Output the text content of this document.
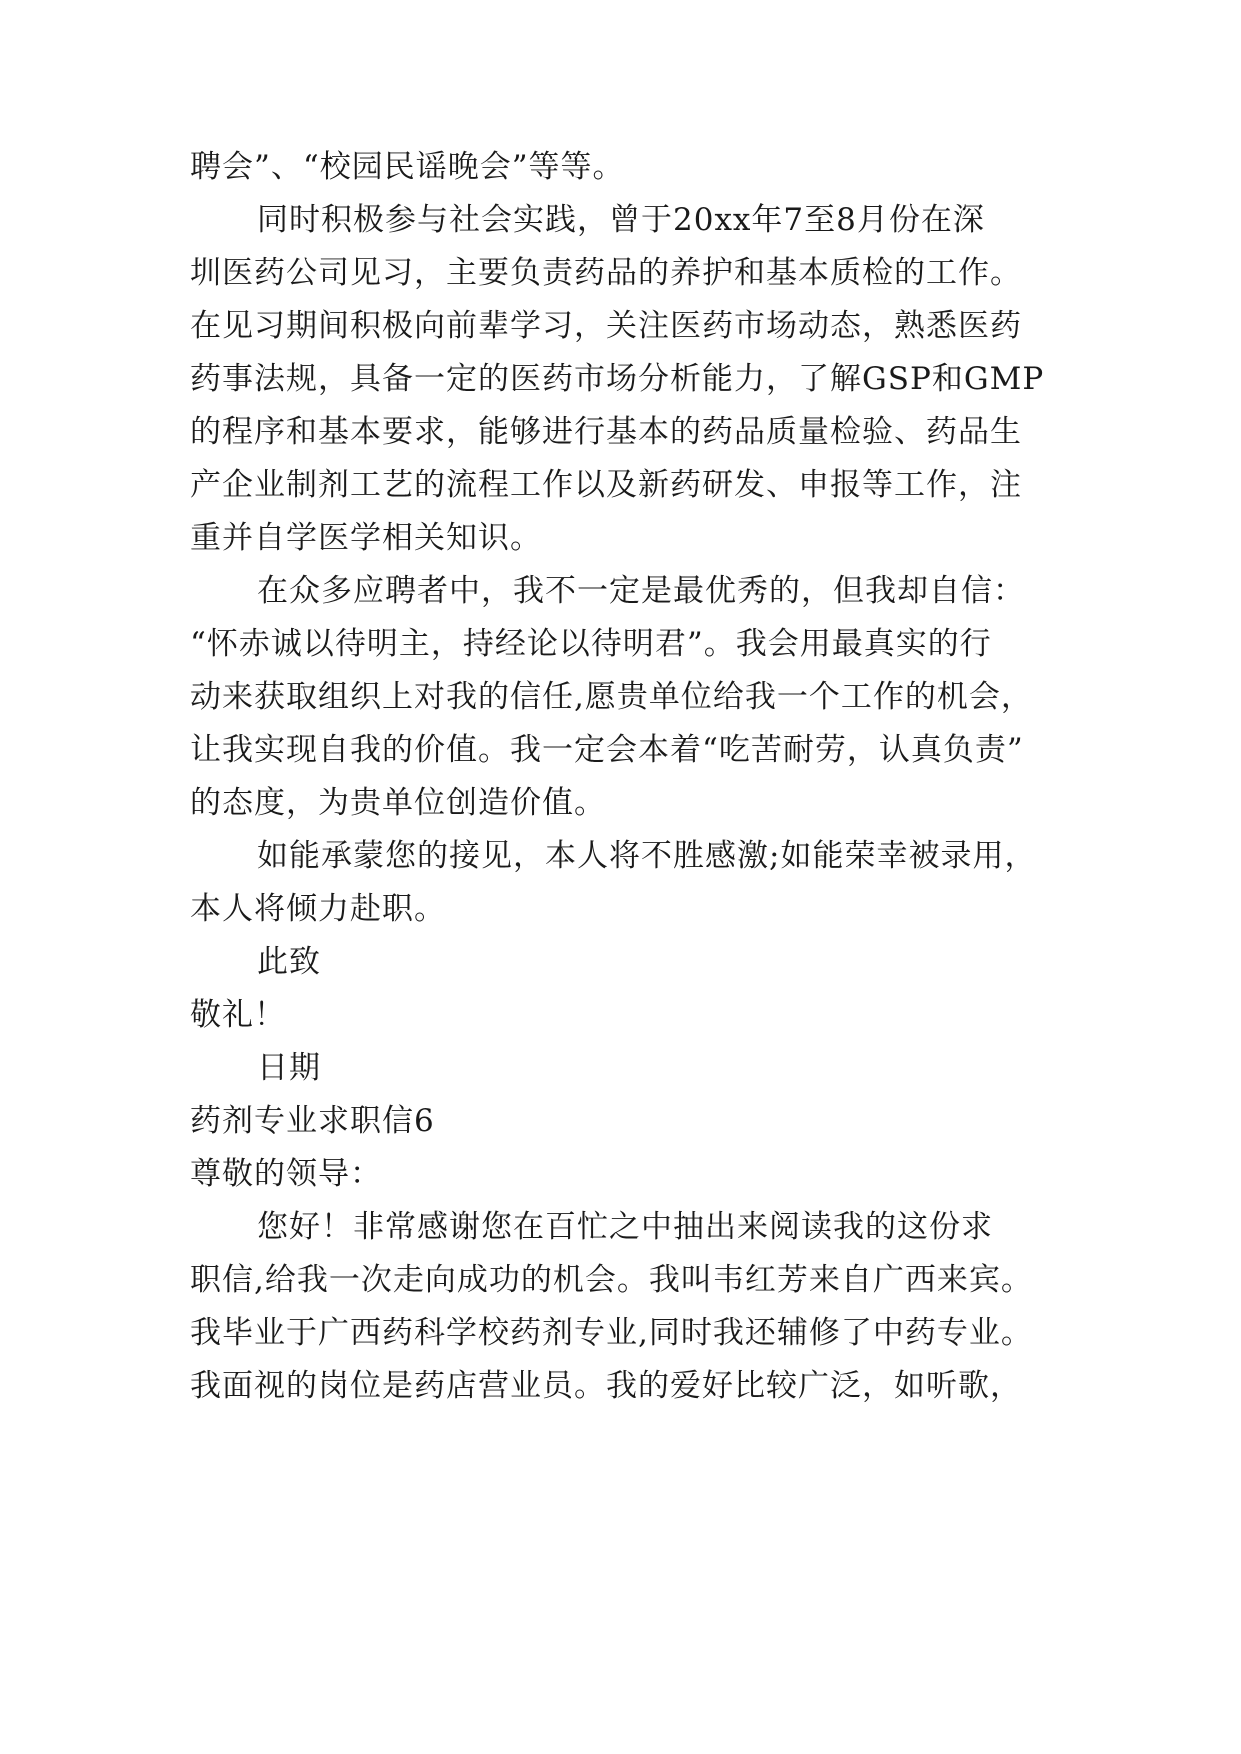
聘会”、“校园民谣晚会”等等。
同时积极参与社会实践，曾于20xx年7至8月份在深
圳医药公司见习，主要负责药品的养护和基本质检的工作。
在见习期间积极向前辈学习，关注医药市场动态，熟悉医药
药事法规，具备一定的医药市场分析能力，了解GSP和GMP
的程序和基本要求，能够进行基本的药品质量检验、药品生
产企业制剂工艺的流程工作以及新药研发、申报等工作，注
重并自学医学相关知识。
在众多应聘者中，我不一定是最优秀的，但我却自信：
“怀赤诚以待明主，持经论以待明君”。我会用最真实的行
动来获取组织上对我的信任,愿贵单位给我一个工作的机会，
让我实现自我的价值。我一定会本着“吃苦耐劳，认真负责”
的态度，为贵单位创造价值。
如能承蒙您的接见，本人将不胜感激;如能荣幸被录用，
本人将倾力赴职。
此致
敬礼！
日期
药剂专业求职信6
尊敬的领导：
您好！非常感谢您在百忙之中抽出来阅读我的这份求
职信,给我一次走向成功的机会。我叫韦红芳来自广西来宾。
我毕业于广西药科学校药剂专业,同时我还辅修了中药专业。
我面视的岗位是药店营业员。我的爱好比较广泛，如听歌，
